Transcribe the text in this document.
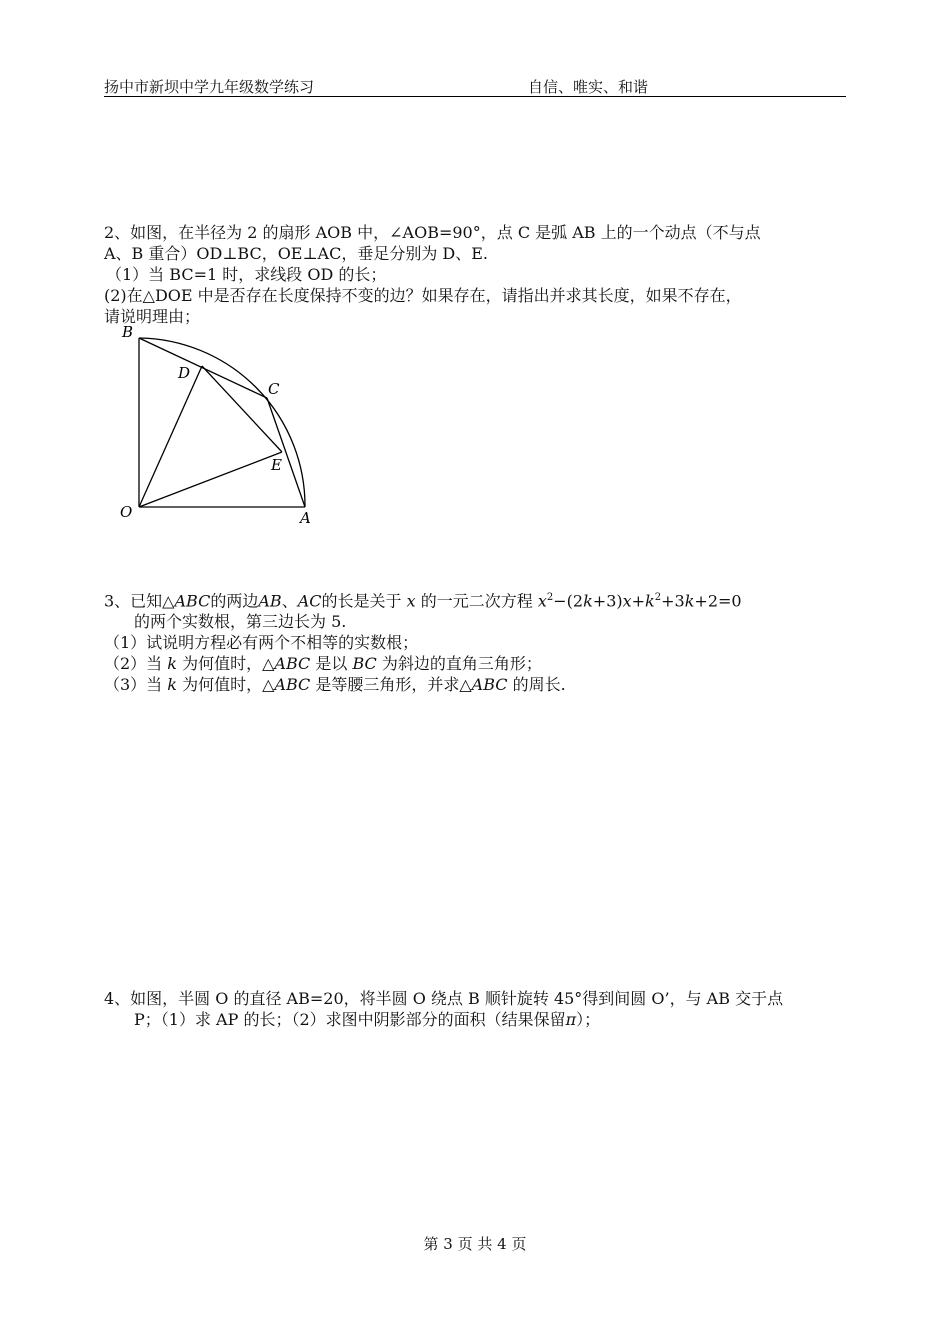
扬中市新坝中学九年级数学练习	自信、唯实、和谐
2、如图，在半径为 2 的扇形 AOB 中，∠AOB=90°，点 C 是弧 AB 上的一个动点（不与点
A、B 重合）OD⊥BC，OE⊥AC，垂足分别为 D、E.
（1）当 BC=1 时，求线段 OD 的长；
(2)在△DOE 中是否存在长度保持不变的边？如果存在，请指出并求其长度，如果不存在，
请说明理由；
B
D
C
E
O	A
3、已知△ABC的两边AB、AC的长是关于 x 的一元二次方程 $x^2-(2k+3)x+k^2+3k+2=0$
的两个实数根，第三边长为 5.
（1）试说明方程必有两个不相等的实数根；
（2）当 k 为何值时，△ABC 是以 BC 为斜边的直角三角形；
（3）当 k 为何值时，△ABC 是等腰三角形，并求△ABC 的周长.
4、如图，半圆 O 的直径 AB=20，将半圆 O 绕点 B 顺针旋转 45°得到间圆 O’，与 AB 交于点
P；（1）求 AP 的长；（2）求图中阴影部分的面积（结果保留π）；
第 3 页 共 4 页
